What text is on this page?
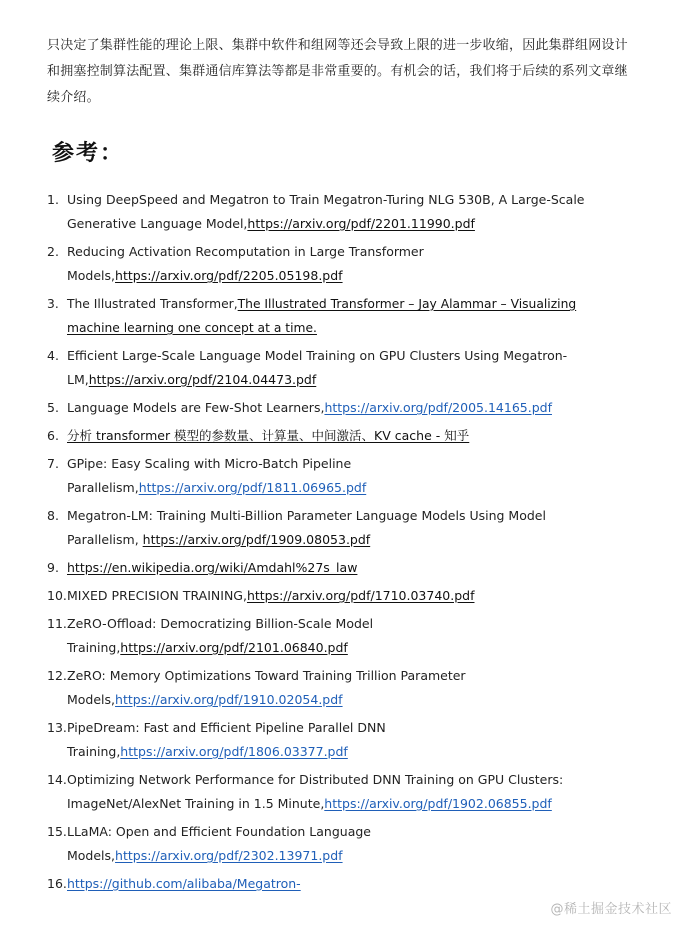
只决定了集群性能的理论上限、集群中软件和组网等还会导致上限的进一步收缩，因此集群组网设计和拥塞控制算法配置、集群通信库算法等都是非常重要的。有机会的话，我们将于后续的系列文章继续介绍。
参考：
1. Using DeepSpeed and Megatron to Train Megatron-Turing NLG 530B, A Large-Scale Generative Language Model,https://arxiv.org/pdf/2201.11990.pdf
2. Reducing Activation Recomputation in Large Transformer Models,https://arxiv.org/pdf/2205.05198.pdf
3. The Illustrated Transformer,The Illustrated Transformer – Jay Alammar – Visualizing machine learning one concept at a time.
4. Efficient Large-Scale Language Model Training on GPU Clusters Using Megatron-LM,https://arxiv.org/pdf/2104.04473.pdf
5. Language Models are Few-Shot Learners,https://arxiv.org/pdf/2005.14165.pdf
6. 分析 transformer 模型的参数量、计算量、中间激活、KV cache - 知乎
7. GPipe: Easy Scaling with Micro-Batch Pipeline Parallelism,https://arxiv.org/pdf/1811.06965.pdf
8. Megatron-LM: Training Multi-Billion Parameter Language Models Using Model Parallelism, https://arxiv.org/pdf/1909.08053.pdf
9. https://en.wikipedia.org/wiki/Amdahl%27s_law
10. MIXED PRECISION TRAINING,https://arxiv.org/pdf/1710.03740.pdf
11. ZeRO-Offload: Democratizing Billion-Scale Model Training,https://arxiv.org/pdf/2101.06840.pdf
12. ZeRO: Memory Optimizations Toward Training Trillion Parameter Models,https://arxiv.org/pdf/1910.02054.pdf
13. PipeDream: Fast and Efficient Pipeline Parallel DNN Training,https://arxiv.org/pdf/1806.03377.pdf
14. Optimizing Network Performance for Distributed DNN Training on GPU Clusters: ImageNet/AlexNet Training in 1.5 Minute,https://arxiv.org/pdf/1902.06855.pdf
15. LLaMA: Open and Efficient Foundation Language Models,https://arxiv.org/pdf/2302.13971.pdf
16. https://github.com/alibaba/Megatron-
@稀土掘金技术社区
